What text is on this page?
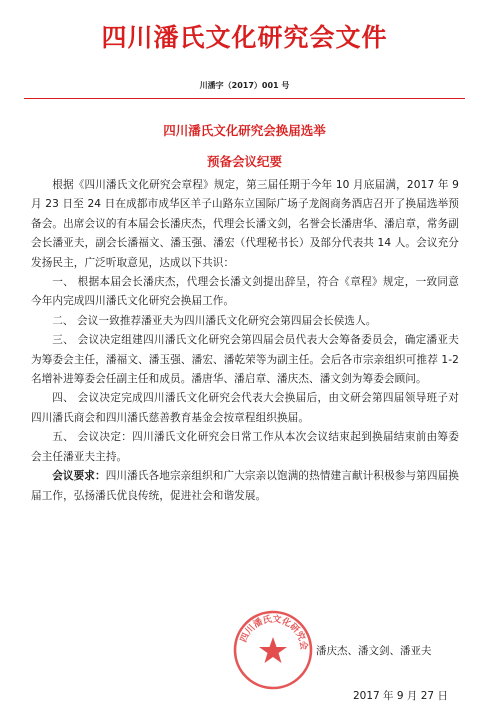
四川潘氏文化研究会文件
川潘字（2017）001 号
四川潘氏文化研究会换届选举
预备会议纪要

根据《四川潘氏文化研究会章程》规定，第三届任期于今年 10 月底届满，2017 年 9 月 23 日至 24 日在成都市成华区羊子山路东立国际广场子龙阁商务酒店召开了换届选举预备会。出席会议的有本届会长潘庆杰，代理会长潘文剑，名誉会长潘唐华、潘启章，常务副会长潘亚夫，副会长潘福文、潘玉强、潘宏（代理秘书长）及部分代表共 14 人。会议充分发扬民主，广泛听取意见，达成以下共识：

一、 根据本届会长潘庆杰，代理会长潘文剑提出辞呈，符合《章程》规定，一致同意今年内完成四川潘氏文化研究会换届工作。

二、 会议一致推荐潘亚夫为四川潘氏文化研究会第四届会长侯选人。

三、 会议决定组建四川潘氏文化研究会第四届会员代表大会筹备委员会，确定潘亚夫为筹委会主任，潘福文、潘玉强、潘宏、潘乾荣等为副主任。会后各市宗亲组织可推荐 1-2 名增补进筹委会任副主任和成员。潘唐华、潘启章、潘庆杰、潘文剑为筹委会顾问。

四、 会议决定完成四川潘氏文化研究会代表大会换届后，由文研会第四届领导班子对四川潘氏商会和四川潘氏慈善教育基金会按章程组织换届。

五、 会议决定：四川潘氏文化研究会日常工作从本次会议结束起到换届结束前由筹委会主任潘亚夫主持。

会议要求：四川潘氏各地宗亲组织和广大宗亲以饱满的热情建言献计积极参与第四届换届工作，弘扬潘氏优良传统，促进社会和谐发展。

四川潘氏文化研究会 潘庆杰、潘文剑、潘亚夫
2017 年 9 月 27 日
